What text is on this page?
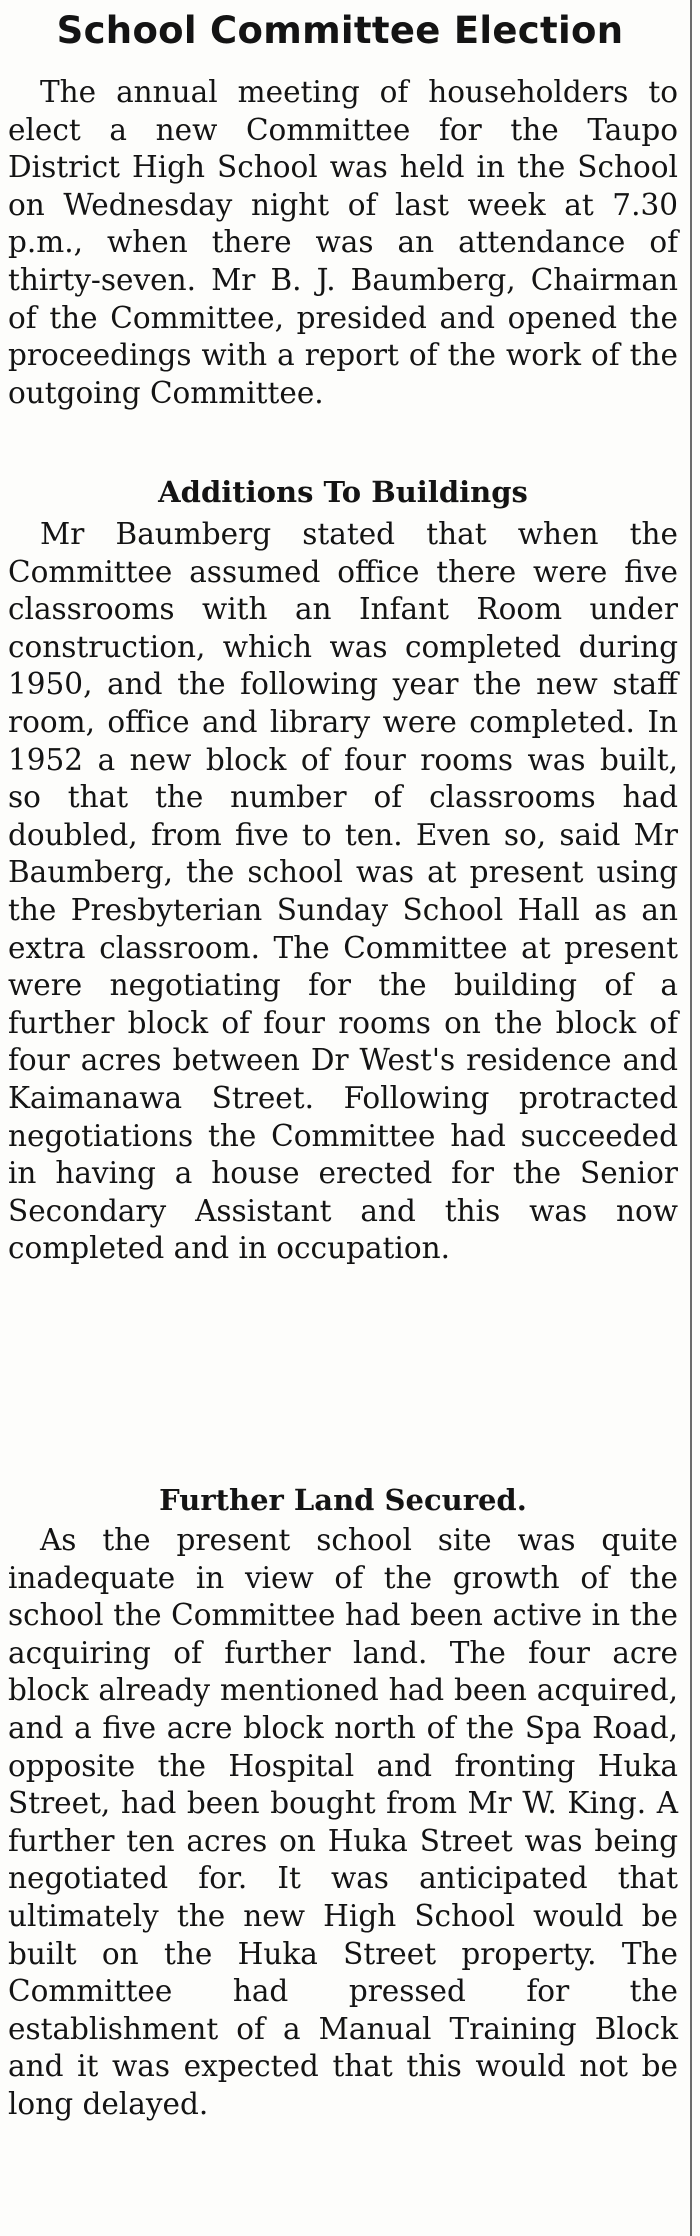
School Committee Election

The annual meeting of householders to elect a new Committee for the Taupo District High School was held in the School on Wednesday night of last week at 7.30 p.m., when there was an attendance of thirty-seven. Mr B. J. Baumberg, Chairman of the Committee, presided and opened the proceedings with a report of the work of the outgoing Committee.

Additions To Buildings

Mr Baumberg stated that when the Committee assumed office there were five classrooms with an Infant Room under construction, which was completed during 1950, and the following year the new staff room, office and library were completed. In 1952 a new block of four rooms was built, so that the number of classrooms had doubled, from five to ten. Even so, said Mr Baumberg, the school was at present using the Presbyterian Sunday School Hall as an extra classroom. The Committee at present were negotiating for the building of a further block of four rooms on the block of four acres between Dr West's residence and Kaimanawa Street. Following protracted negotiations the Committee had succeeded in having a house erected for the Senior Secondary Assistant and this was now completed and in occupation.

Further Land Secured.

As the present school site was quite inadequate in view of the growth of the school the Committee had been active in the acquiring of further land. The four acre block already mentioned had been acquired, and a five acre block north of the Spa Road, opposite the Hospital and fronting Huka Street, had been bought from Mr W. King. A further ten acres on Huka Street was being negotiated for. It was anticipated that ultimately the new High School would be built on the Huka Street property. The Committee had pressed for the establishment of a Manual Training Block and it was expected that this would not be long delayed.
